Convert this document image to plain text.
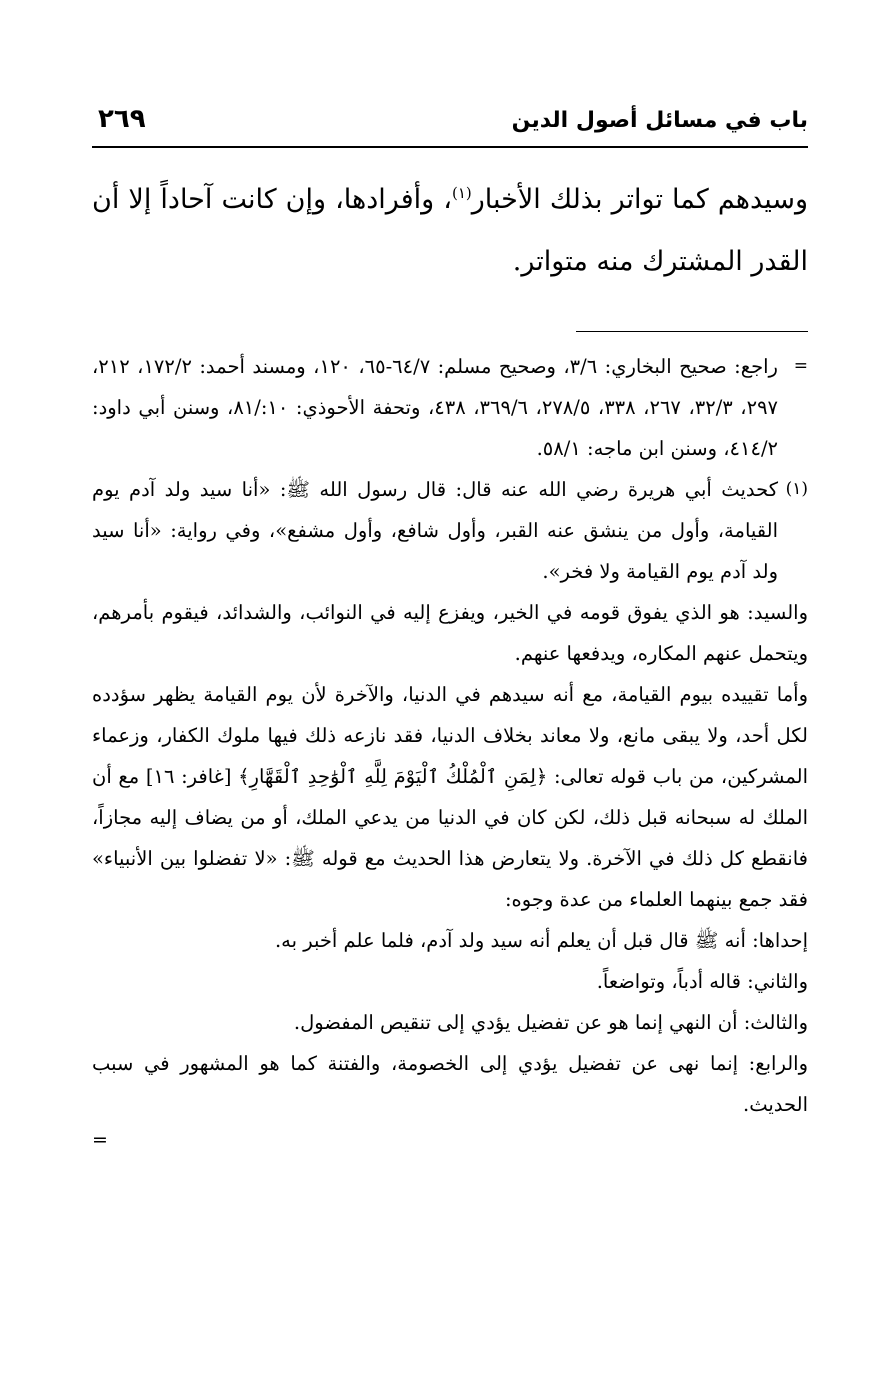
باب في مسائل أصول الدين
٢٦٩

وسيدهم كما تواتر بذلك الأخبار$^{(١)}$، وأفرادها، وإن كانت آحاداً إلا أن القدر المشترك منه متواتر.

=

راجع: صحيح البخاري: ٣/٦، وصحيح مسلم: ٦٤/٧-٦٥، ١٢٠، ومسند أحمد: ١٧٢/٢، ٢١٢، ٢٩٧، ٣٢/٣، ٢٦٧، ٣٣٨، ٢٧٨/٥، ٣٦٩/٦، ٤٣٨، وتحفة الأحوذي: ١٠:/٨١، وسنن أبي داود: ٤١٤/٢، وسنن ابن ماجه: ٥٨/١.

(١)

كحديث أبي هريرة رضي الله عنه قال: قال رسول الله ﷺ: «أنا سيد ولد آدم يوم القيامة، وأول من ينشق عنه القبر، وأول شافع، وأول مشفع»، وفي رواية: «أنا سيد ولد آدم يوم القيامة ولا فخر».

والسيد: هو الذي يفوق قومه في الخير، ويفزع إليه في النوائب، والشدائد، فيقوم بأمرهم، ويتحمل عنهم المكاره، ويدفعها عنهم.

وأما تقييده بيوم القيامة، مع أنه سيدهم في الدنيا، والآخرة لأن يوم القيامة يظهر سؤدده لكل أحد، ولا يبقى مانع، ولا معاند بخلاف الدنيا، فقد نازعه ذلك فيها ملوك الكفار، وزعماء المشركين، من باب قوله تعالى: ﴿لِمَنِ ٱلْمُلْكُ ٱلْيَوْمَ لِلَّهِ ٱلْوَٰحِدِ ٱلْقَهَّارِ﴾ [غافر: ١٦] مع أن الملك له سبحانه قبل ذلك، لكن كان في الدنيا من يدعي الملك، أو من يضاف إليه مجازاً، فانقطع كل ذلك في الآخرة. ولا يتعارض هذا الحديث مع قوله ﷺ: «لا تفضلوا بين الأنبياء» فقد جمع بينهما العلماء من عدة وجوه:

إحداها: أنه ﷺ قال قبل أن يعلم أنه سيد ولد آدم، فلما علم أخبر به.

والثاني: قاله أدباً، وتواضعاً.

والثالث: أن النهي إنما هو عن تفضيل يؤدي إلى تنقيص المفضول.

والرابع: إنما نهى عن تفضيل يؤدي إلى الخصومة، والفتنة كما هو المشهور في سبب الحديث.

=
